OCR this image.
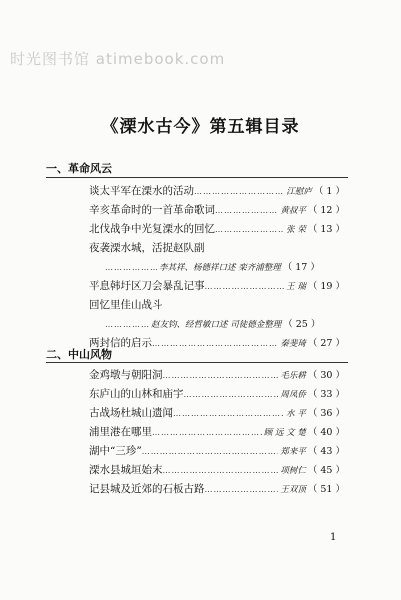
时光图书馆 atimebook.com
《溧水古今》第五辑目录
一、革命风云
谈太平军在溧水的活动 …………………………………………………………………………………………………	江慰庐 （ 1 ）
辛亥革命时的一首革命歌词 …………………………………………………………………………………………………	黄叔平 （ 12 ）
北伐战争中光复溧水的回忆 …………………………………………………………………………………………………	张 荣 （ 13 ）
夜袭溧水城，活捉赵队副
…………………………………………………………………………………………………
李其祥、杨德祥口述 栾齐浦整理 （ 17 ）
平息韩圩区刀会暴乱记事 …………………………………………………………………………………………………	王 瑞 （ 19 ）
回忆里佳山战斗
…………………………………………………………………………………………………
赵友钧、经哲敏口述 司徒德金整理 （ 25 ）
两封信的启示 …………………………………………………………………………………………………	秦斐琦 （ 27 ）
二、中山风物
金鸡墩与朝阳洞 …………………………………………………………………………………………………	毛乐耕 （ 30 ）
东庐山的山林和庙宇 …………………………………………………………………………………………………	周凤侨 （ 33 ）
古战场杜城山遗闻 …………………………………………………………………………………………………	水 平 （ 36 ）
浦里港在哪里 …………………………………………………………………………………………………	顾 远 文 楚 （ 40 ）
湖中“三珍” …………………………………………………………………………………………………	郑来平 （ 43 ）
溧水县城垣始末 …………………………………………………………………………………………………	项树仁 （ 45 ）
记县城及近郊的石板古路 …………………………………………………………………………………………………	王双顶 （ 51 ）
1
